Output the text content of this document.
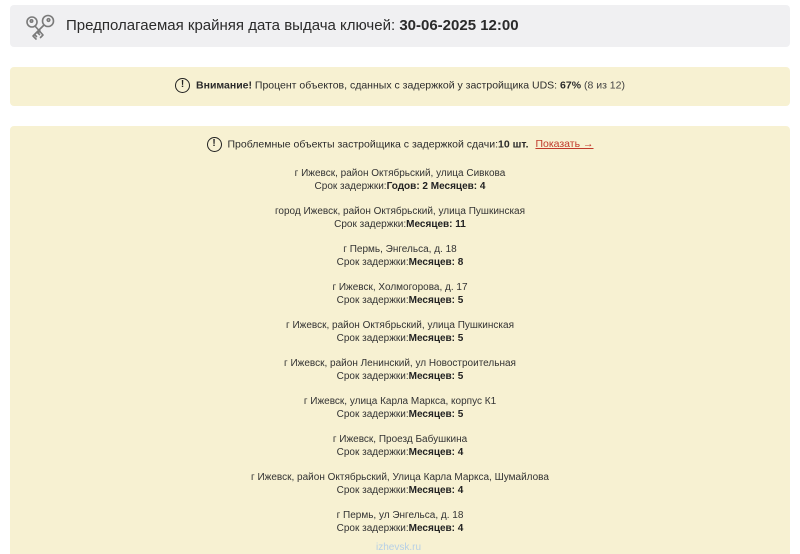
Предполагаемая крайняя дата выдача ключей: 30-06-2025 12:00
! Внимание! Процент объектов, сданных с задержкой у застройщика UDS: 67% (8 из 12)
! Проблемные объекты застройщика с задержкой сдачи:10 шт. Показать →
г Ижевск, район Октябрьский, улица Сивкова
Срок задержки:Годов: 2 Месяцев: 4
город Ижевск, район Октябрьский, улица Пушкинская
Срок задержки:Месяцев: 11
г Пермь, Энгельса, д. 18
Срок задержки:Месяцев: 8
г Ижевск, Холмогорова, д. 17
Срок задержки:Месяцев: 5
г Ижевск, район Октябрьский, улица Пушкинская
Срок задержки:Месяцев: 5
г Ижевск, район Ленинский, ул Новостроительная
Срок задержки:Месяцев: 5
г Ижевск, улица Карла Маркса, корпус К1
Срок задержки:Месяцев: 5
г Ижевск, Проезд Бабушкина
Срок задержки:Месяцев: 4
г Ижевск, район Октябрьский, Улица Карла Маркса, Шумайлова
Срок задержки:Месяцев: 4
г Пермь, ул Энгельса, д. 18
Срок задержки:Месяцев: 4
izhevsk.ru
